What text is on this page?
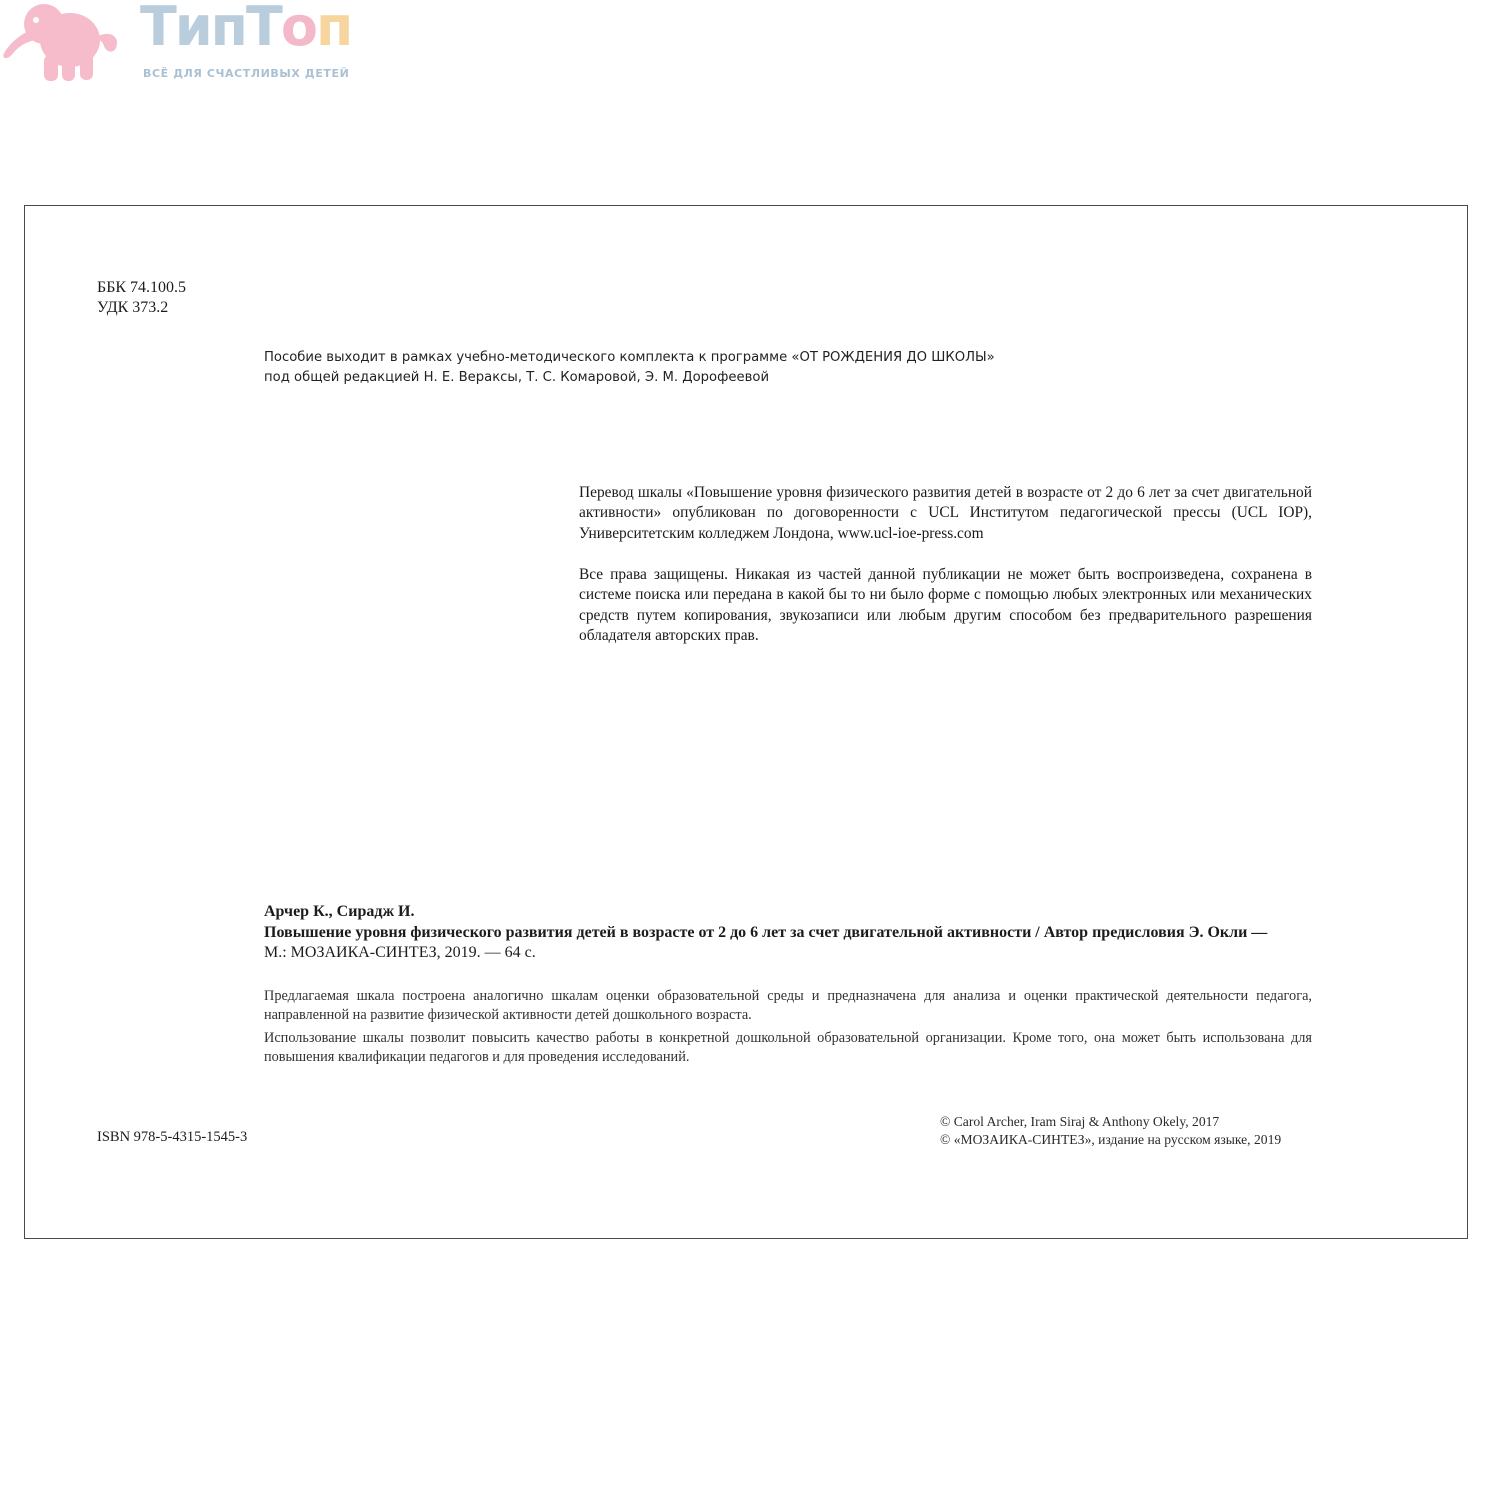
ТипТоп
ВСЁ ДЛЯ СЧАСТЛИВЫХ ДЕТЕЙ
ББК 74.100.5
УДК 373.2
Пособие выходит в рамках учебно-методического комплекта к программе «ОТ РОЖДЕНИЯ ДО ШКОЛЫ»
под общей редакцией Н. Е. Вераксы, Т. С. Комаровой, Э. М. Дорофеевой
Перевод шкалы «Повышение уровня физического развития детей в возрасте от 2 до 6 лет за счет двигательной активности» опубликован по договоренности с UCL Институтом педагогической прессы (UCL IOP), Университетским колледжем Лондона, www.ucl-ioe-press.com
Все права защищены. Никакая из частей данной публикации не может быть воспроизведена, сохранена в системе поиска или передана в какой бы то ни было форме с помощью любых электронных или механических средств путем копирования, звукозаписи или любым другим способом без предварительного разрешения обладателя авторских прав.
Арчер К., Сирадж И.
Повышение уровня физического развития детей в возрасте от 2 до 6 лет за счет двигательной активности / Автор предисловия Э. Окли —
М.: МОЗАИКА-СИНТЕЗ, 2019. — 64 с.

Предлагаемая шкала построена аналогично шкалам оценки образовательной среды и предназначена для анализа и оценки практической деятельности педагога, направленной на развитие физической активности детей дошкольного возраста.

Использование шкалы позволит повысить качество работы в конкретной дошкольной образовательной организации. Кроме того, она может быть использована для повышения квалификации педагогов и для проведения исследований.

ISBN 978-5-4315-1545-3
© Carol Archer, Iram Siraj & Anthony Okely, 2017
© «МОЗАИКА-СИНТЕЗ», издание на русском языке, 2019
